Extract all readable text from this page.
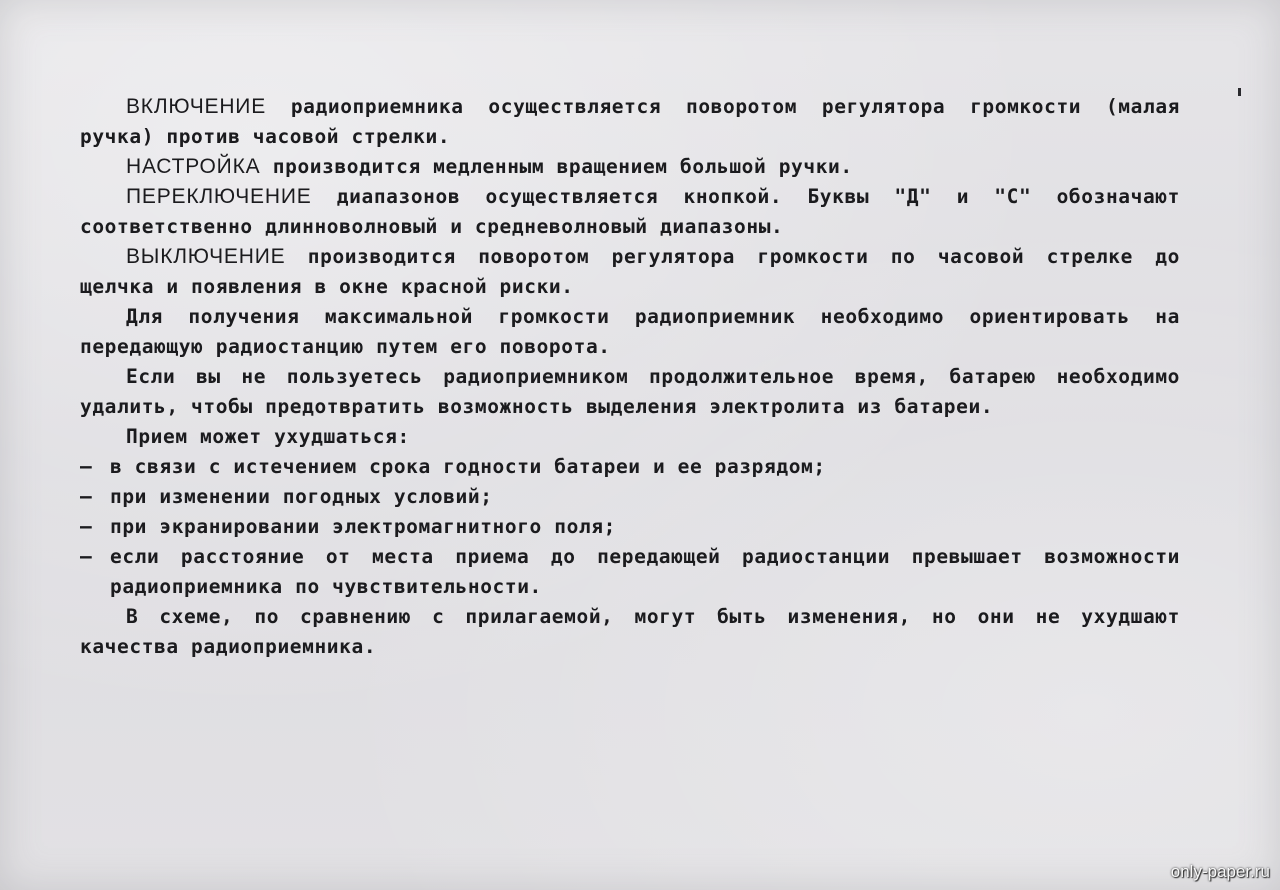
ВКЛЮЧЕНИЕ радиоприемника осуществляется поворотом регулятора громкости (малая ручка) против часовой стрелки.

НАСТРОЙКА производится медленным вращением большой ручки.

ПЕРЕКЛЮЧЕНИЕ диапазонов осуществляется кнопкой. Буквы "Д" и "С" обозначают соответственно длинноволновый и средневолновый диапазоны.

ВЫКЛЮЧЕНИЕ производится поворотом регулятора громкости по часовой стрелке до щелчка и появления в окне красной риски.

Для получения максимальной громкости радиоприемник необходимо ориентировать на передающую радиостанцию путем его поворота.

Если вы не пользуетесь радиоприемником продолжительное время, батарею необходимо удалить, чтобы предотвратить возможность выделения электролита из батареи.

Прием может ухудшаться:

– в связи с истечением срока годности батареи и ее разрядом;
– при изменении погодных условий;
– при экранировании электромагнитного поля;
– если расстояние от места приема до передающей радиостанции превышает возможности радиоприемника по чувствительности.

В схеме, по сравнению с прилагаемой, могут быть изменения, но они не ухудшают качества радиоприемника.

only-paper.ru
